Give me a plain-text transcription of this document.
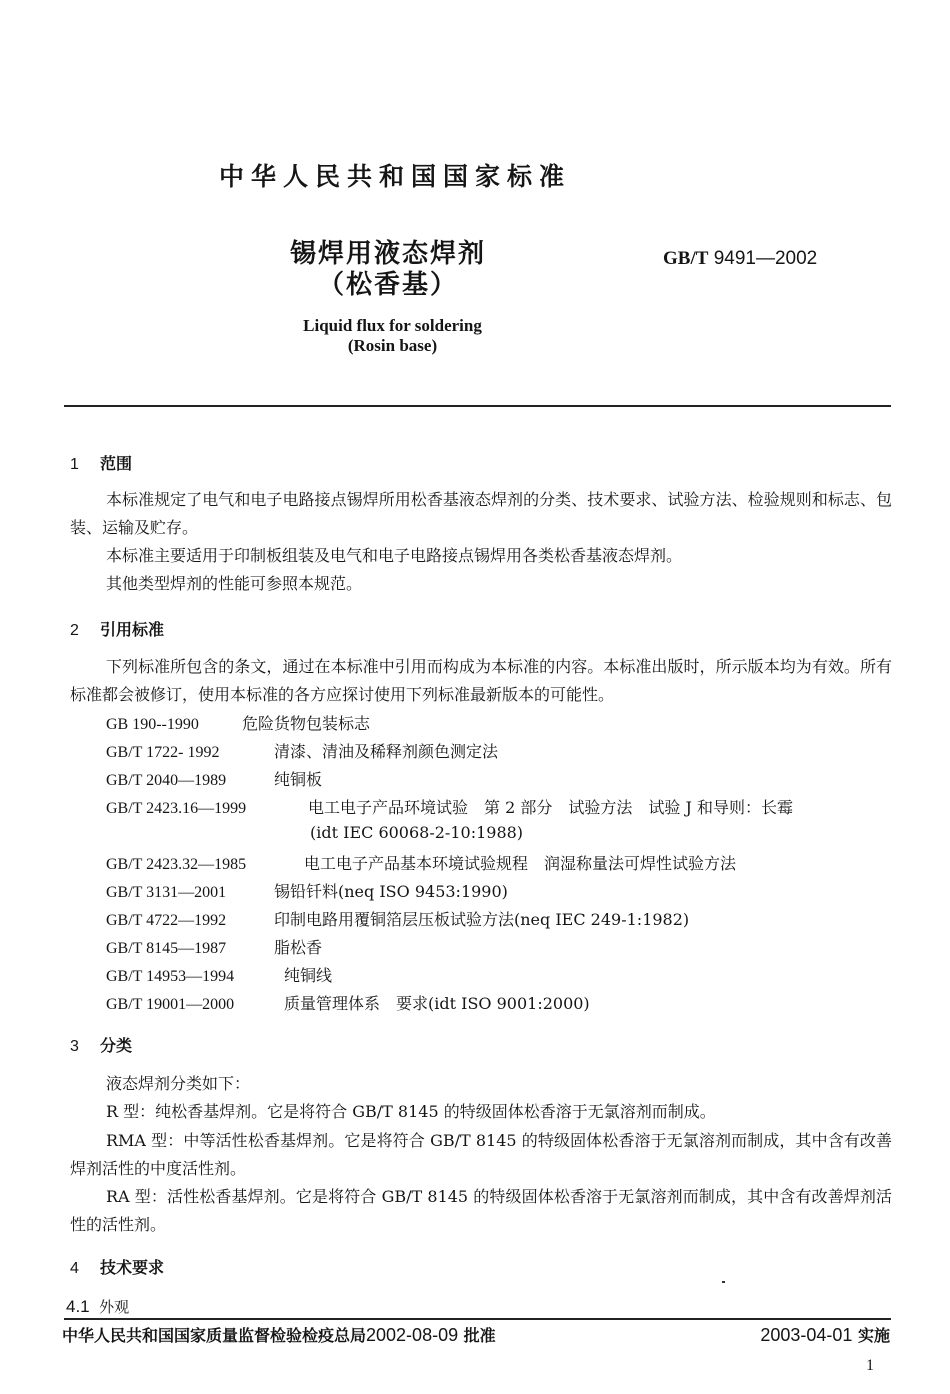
中华人民共和国国家标准
锡焊用液态焊剂
（松香基）
GB/T 9491—2002
Liquid flux for soldering
(Rosin base)
1 范围
本标准规定了电气和电子电路接点锡焊所用松香基液态焊剂的分类、技术要求、试验方法、检验规则和标志、包装、运输及贮存。
本标准主要适用于印制板组装及电气和电子电路接点锡焊用各类松香基液态焊剂。
其他类型焊剂的性能可参照本规范。
2 引用标准
下列标准所包含的条文，通过在本标准中引用而构成为本标准的内容。本标准出版时，所示版本均为有效。所有标准都会被修订，使用本标准的各方应探讨使用下列标准最新版本的可能性。
GB 190--1990	危险货物包装标志
GB/T 1722- 1992	清漆、清油及稀释剂颜色测定法
GB/T 2040—1989	纯铜板
GB/T 2423.16—1999	电工电子产品环境试验　第 2 部分　试验方法　试验 J 和导则：长霉
(idt IEC 60068-2-10:1988)
GB/T 2423.32—1985	电工电子产品基本环境试验规程　润湿称量法可焊性试验方法
GB/T 3131—2001	锡铅钎料(neq ISO 9453:1990)
GB/T 4722—1992	印制电路用覆铜箔层压板试验方法(neq IEC 249-1:1982)
GB/T 8145—1987	脂松香
GB/T 14953—1994	纯铜线
GB/T 19001—2000	质量管理体系　要求(idt ISO 9001:2000)
3 分类
液态焊剂分类如下：
R 型：纯松香基焊剂。它是将符合 GB/T 8145 的特级固体松香溶于无氯溶剂而制成。
RMA 型：中等活性松香基焊剂。它是将符合 GB/T 8145 的特级固体松香溶于无氯溶剂而制成，其中含有改善焊剂活性的中度活性剂。
RA 型：活性松香基焊剂。它是将符合 GB/T 8145 的特级固体松香溶于无氯溶剂而制成，其中含有改善焊剂活性的活性剂。
4 技术要求
4.1 外观
中华人民共和国国家质量监督检验检疫总局2002-08-09 批准	2003-04-01 实施
1
